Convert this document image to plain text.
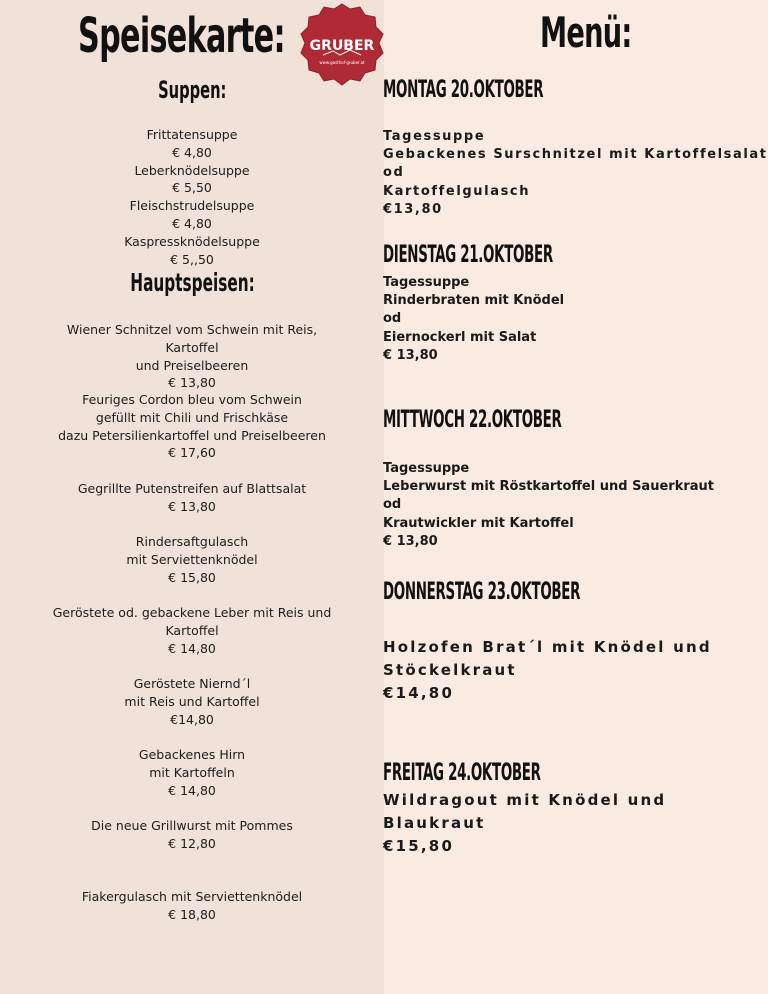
Speisekarte:	Menü:
GRUBER
www.gasthof-gruber.at
Suppen:
Frittatensuppe
€ 4,80
Leberknödelsuppe
€ 5,50
Fleischstrudelsuppe
€ 4,80
Kaspressknödelsuppe
€ 5,,50
Hauptspeisen:
Wiener Schnitzel vom Schwein mit Reis, Kartoffel
und Preiselbeeren
€ 13,80
Feuriges Cordon bleu vom Schwein
gefüllt mit Chili und Frischkäse
dazu Petersilienkartoffel und Preiselbeeren
€ 17,60
Gegrillte Putenstreifen auf Blattsalat
€ 13,80
Rindersaftgulasch
mit Serviettenknödel
€ 15,80
Geröstete od. gebackene Leber mit Reis und
Kartoffel
€ 14,80
Geröstete Niernd´l
mit Reis und Kartoffel
€14,80
Gebackenes Hirn
mit Kartoffeln
€ 14,80
Die neue Grillwurst mit Pommes
€ 12,80
Fiakergulasch mit Serviettenknödel
€ 18,80
MONTAG 20.OKTOBER
Tagessuppe
Gebackenes Surschnitzel mit Kartoffelsalat
od
Kartoffelgulasch
€13,80
DIENSTAG 21.OKTOBER
Tagessuppe
Rinderbraten mit Knödel
od
Eiernockerl mit Salat
€ 13,80
MITTWOCH 22.OKTOBER
Tagessuppe
Leberwurst mit Röstkartoffel und Sauerkraut
od
Krautwickler mit Kartoffel
€ 13,80
DONNERSTAG 23.OKTOBER
Holzofen Brat´l mit Knödel und
Stöckelkraut
€14,80
FREITAG 24.OKTOBER
Wildragout mit Knödel und Blaukraut
€15,80
